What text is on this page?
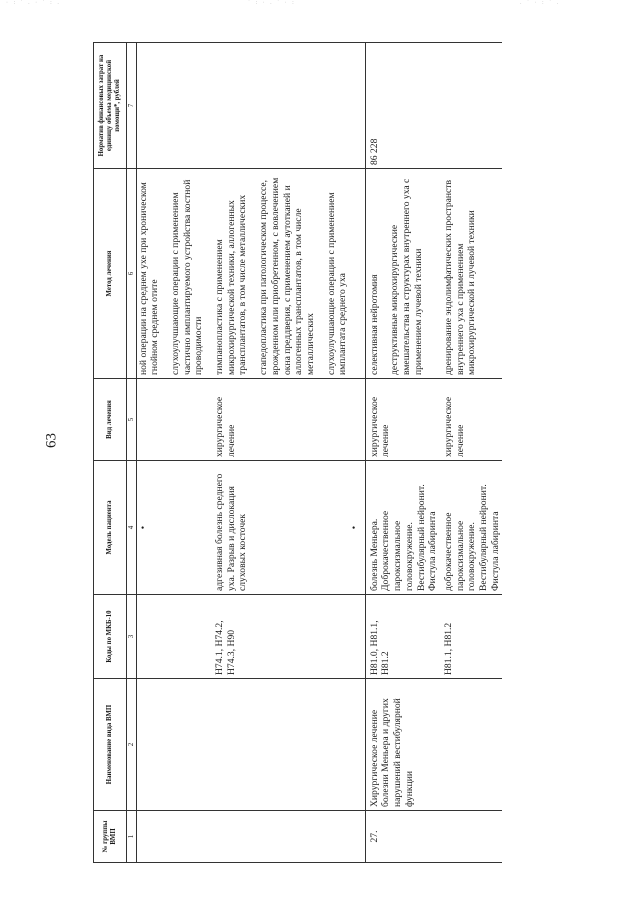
· : ˙ . · ˙ : .	˙ : · . ˙ · :	. ˙ · : ˙ .
63
№ группы ВМП	Наименование вида ВМП	Коды по МКБ-10	Модель пациента	Вид лечения	Метод лечения	Норматив финансовых затрат на единицу объема медицинской помощи*, рублей
1	2	3	4	5	6	7
			•		ной операции на среднем ухе при хроническом гнойном среднем отите слухоулучшающие операции с применением частично имплантируемого устройства костной проводимости	

		H74.1, H74.2, H74.3, H90	адгезивная болезнь среднего уха. Разрыв и дислокация слуховых косточек	хирургическое лечение	тимпанопластика с применением микрохирургической техники, аллогенных трансплантатов, в том числе металлических стапедопластика при патологическом процессе, врожденном или приобретенном, с вовлечением окна преддверия, с применением аутотканей и аллогенных трансплантатов, в том числе металлических слухоулучшающие операции с применением имплантата среднего уха	

			•			
27.	Хирургическое лечение болезни Меньера и других нарушений вестибулярной функции	H81.0, H81.1, H81.2	болезнь Меньера. Доброкачественное пароксизмальное головокружение. Вестибулярный нейронит. Фистула лабиринта	хирургическое лечение	селективная нейротомия деструктивные микрохирургические вмешательства на структурах внутреннего уха с применением лучевой техники	86 228
		H81.1, H81.2	доброкачественное пароксизмальное головокружение. Вестибулярный нейронит. Фистула лабиринта	хирургическое лечение	дренирование эндолимфатических пространств внутреннего уха с применением микрохирургической и лучевой техники	
